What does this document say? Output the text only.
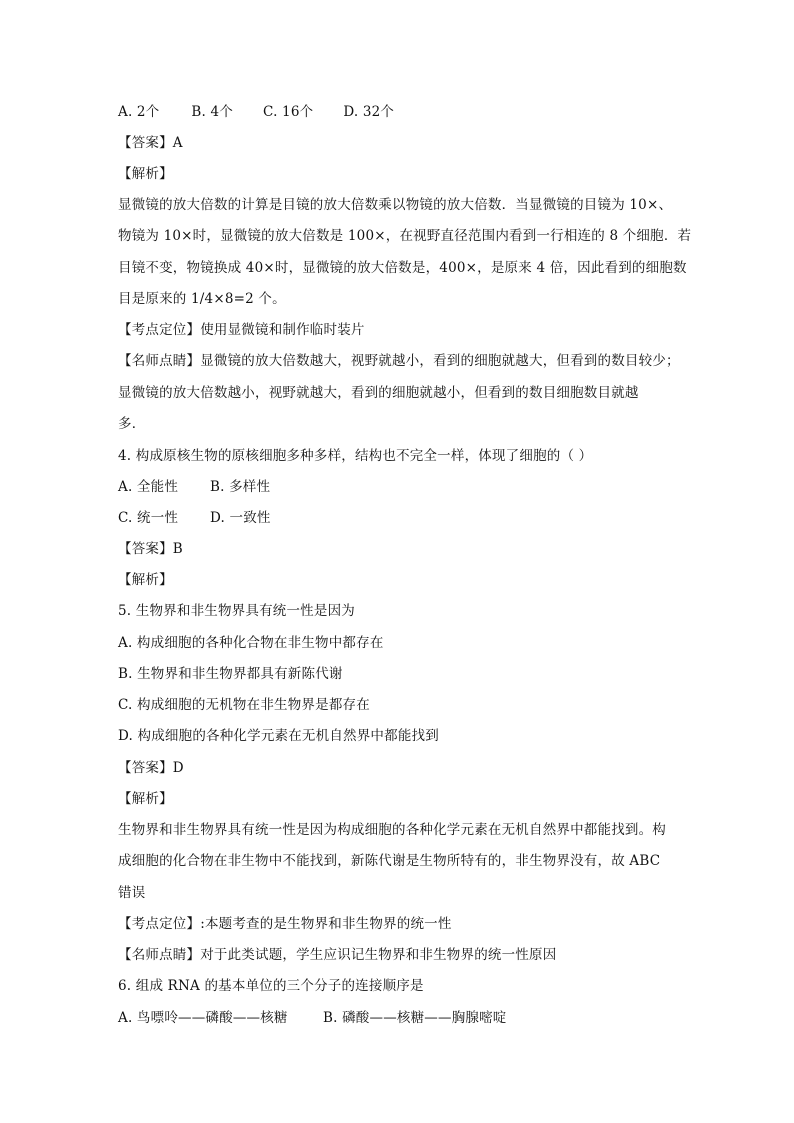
A. 2个 B. 4个 C. 16个 D. 32个
【答案】A
【解析】
显微镜的放大倍数的计算是目镜的放大倍数乘以物镜的放大倍数．当显微镜的目镜为 10×、
物镜为 10×时，显微镜的放大倍数是 100×，在视野直径范围内看到一行相连的 8 个细胞．若
目镜不变，物镜换成 40×时，显微镜的放大倍数是，400×，是原来 4 倍，因此看到的细胞数
目是原来的 1/4×8=2 个。
【考点定位】使用显微镜和制作临时装片
【名师点睛】显微镜的放大倍数越大，视野就越小，看到的细胞就越大，但看到的数目较少；
显微镜的放大倍数越小，视野就越大，看到的细胞就越小，但看到的数目细胞数目就越
多．
4. 构成原核生物的原核细胞多种多样，结构也不完全一样，体现了细胞的（ ）
A. 全能性 B. 多样性
C. 统一性 D. 一致性
【答案】B
【解析】
5. 生物界和非生物界具有统一性是因为
A. 构成细胞的各种化合物在非生物中都存在
B. 生物界和非生物界都具有新陈代谢
C. 构成细胞的无机物在非生物界是都存在
D. 构成细胞的各种化学元素在无机自然界中都能找到
【答案】D
【解析】
生物界和非生物界具有统一性是因为构成细胞的各种化学元素在无机自然界中都能找到。构
成细胞的化合物在非生物中不能找到，新陈代谢是生物所特有的，非生物界没有，故 ABC
错误
【考点定位】:本题考查的是生物界和非生物界的统一性
【名师点睛】对于此类试题，学生应识记生物界和非生物界的统一性原因
6. 组成 RNA 的基本单位的三个分子的连接顺序是
A. 鸟嘌呤——磷酸——核糖	B. 磷酸——核糖——胸腺嘧啶
